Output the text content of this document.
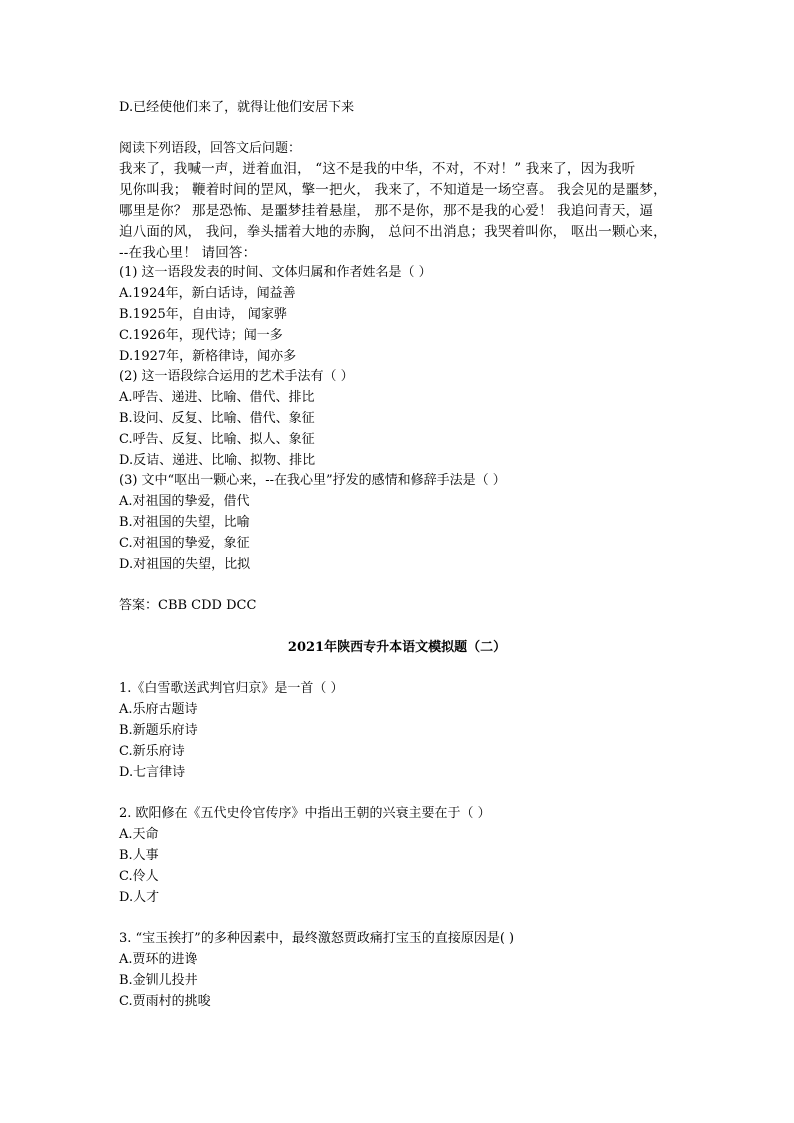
D.已经使他们来了，就得让他们安居下来
阅读下列语段，回答文后问题：
我来了，我喊一声，迸着血泪， “这不是我的中华，不对，不对！” 我来了，因为我听
见你叫我； 鞭着时间的罡风，擎一把火， 我来了，不知道是一场空喜。 我会见的是噩梦，
哪里是你？ 那是恐怖、是噩梦挂着悬崖， 那不是你，那不是我的心爱！ 我追问青天，逼
迫八面的风， 我问，拳头擂着大地的赤胸， 总问不出消息；我哭着叫你， 呕出一颗心来，
--在我心里！ 请回答：
(1) 这一语段发表的时间、文体归属和作者姓名是（ ）
A.1924年，新白话诗，闻益善
B.1925年，自由诗， 闻家骅
C.1926年，现代诗；闻一多
D.1927年，新格律诗，闻亦多
(2) 这一语段综合运用的艺术手法有（ ）
A.呼告、递进、比喻、借代、排比
B.设问、反复、比喻、借代、象征
C.呼告、反复、比喻、拟人、象征
D.反诘、递进、比喻、拟物、排比
(3) 文中“呕出一颗心来，--在我心里”抒发的感情和修辞手法是（ ）
A.对祖国的挚爱，借代
B.对祖国的失望，比喻
C.对祖国的挚爱，象征
D.对祖国的失望，比拟
答案：CBB CDD DCC
2021年陕西专升本语文模拟题（二）
1.《白雪歌送武判官归京》是一首（ ）
A.乐府古题诗
B.新题乐府诗
C.新乐府诗
D.七言律诗
2. 欧阳修在《五代史伶官传序》中指出王朝的兴衰主要在于（ ）
A.天命
B.人事
C.伶人
D.人才
3. “宝玉挨打”的多种因素中，最终激怒贾政痛打宝玉的直接原因是( )
A.贾环的进谗
B.金钏儿投井
C.贾雨村的挑唆
